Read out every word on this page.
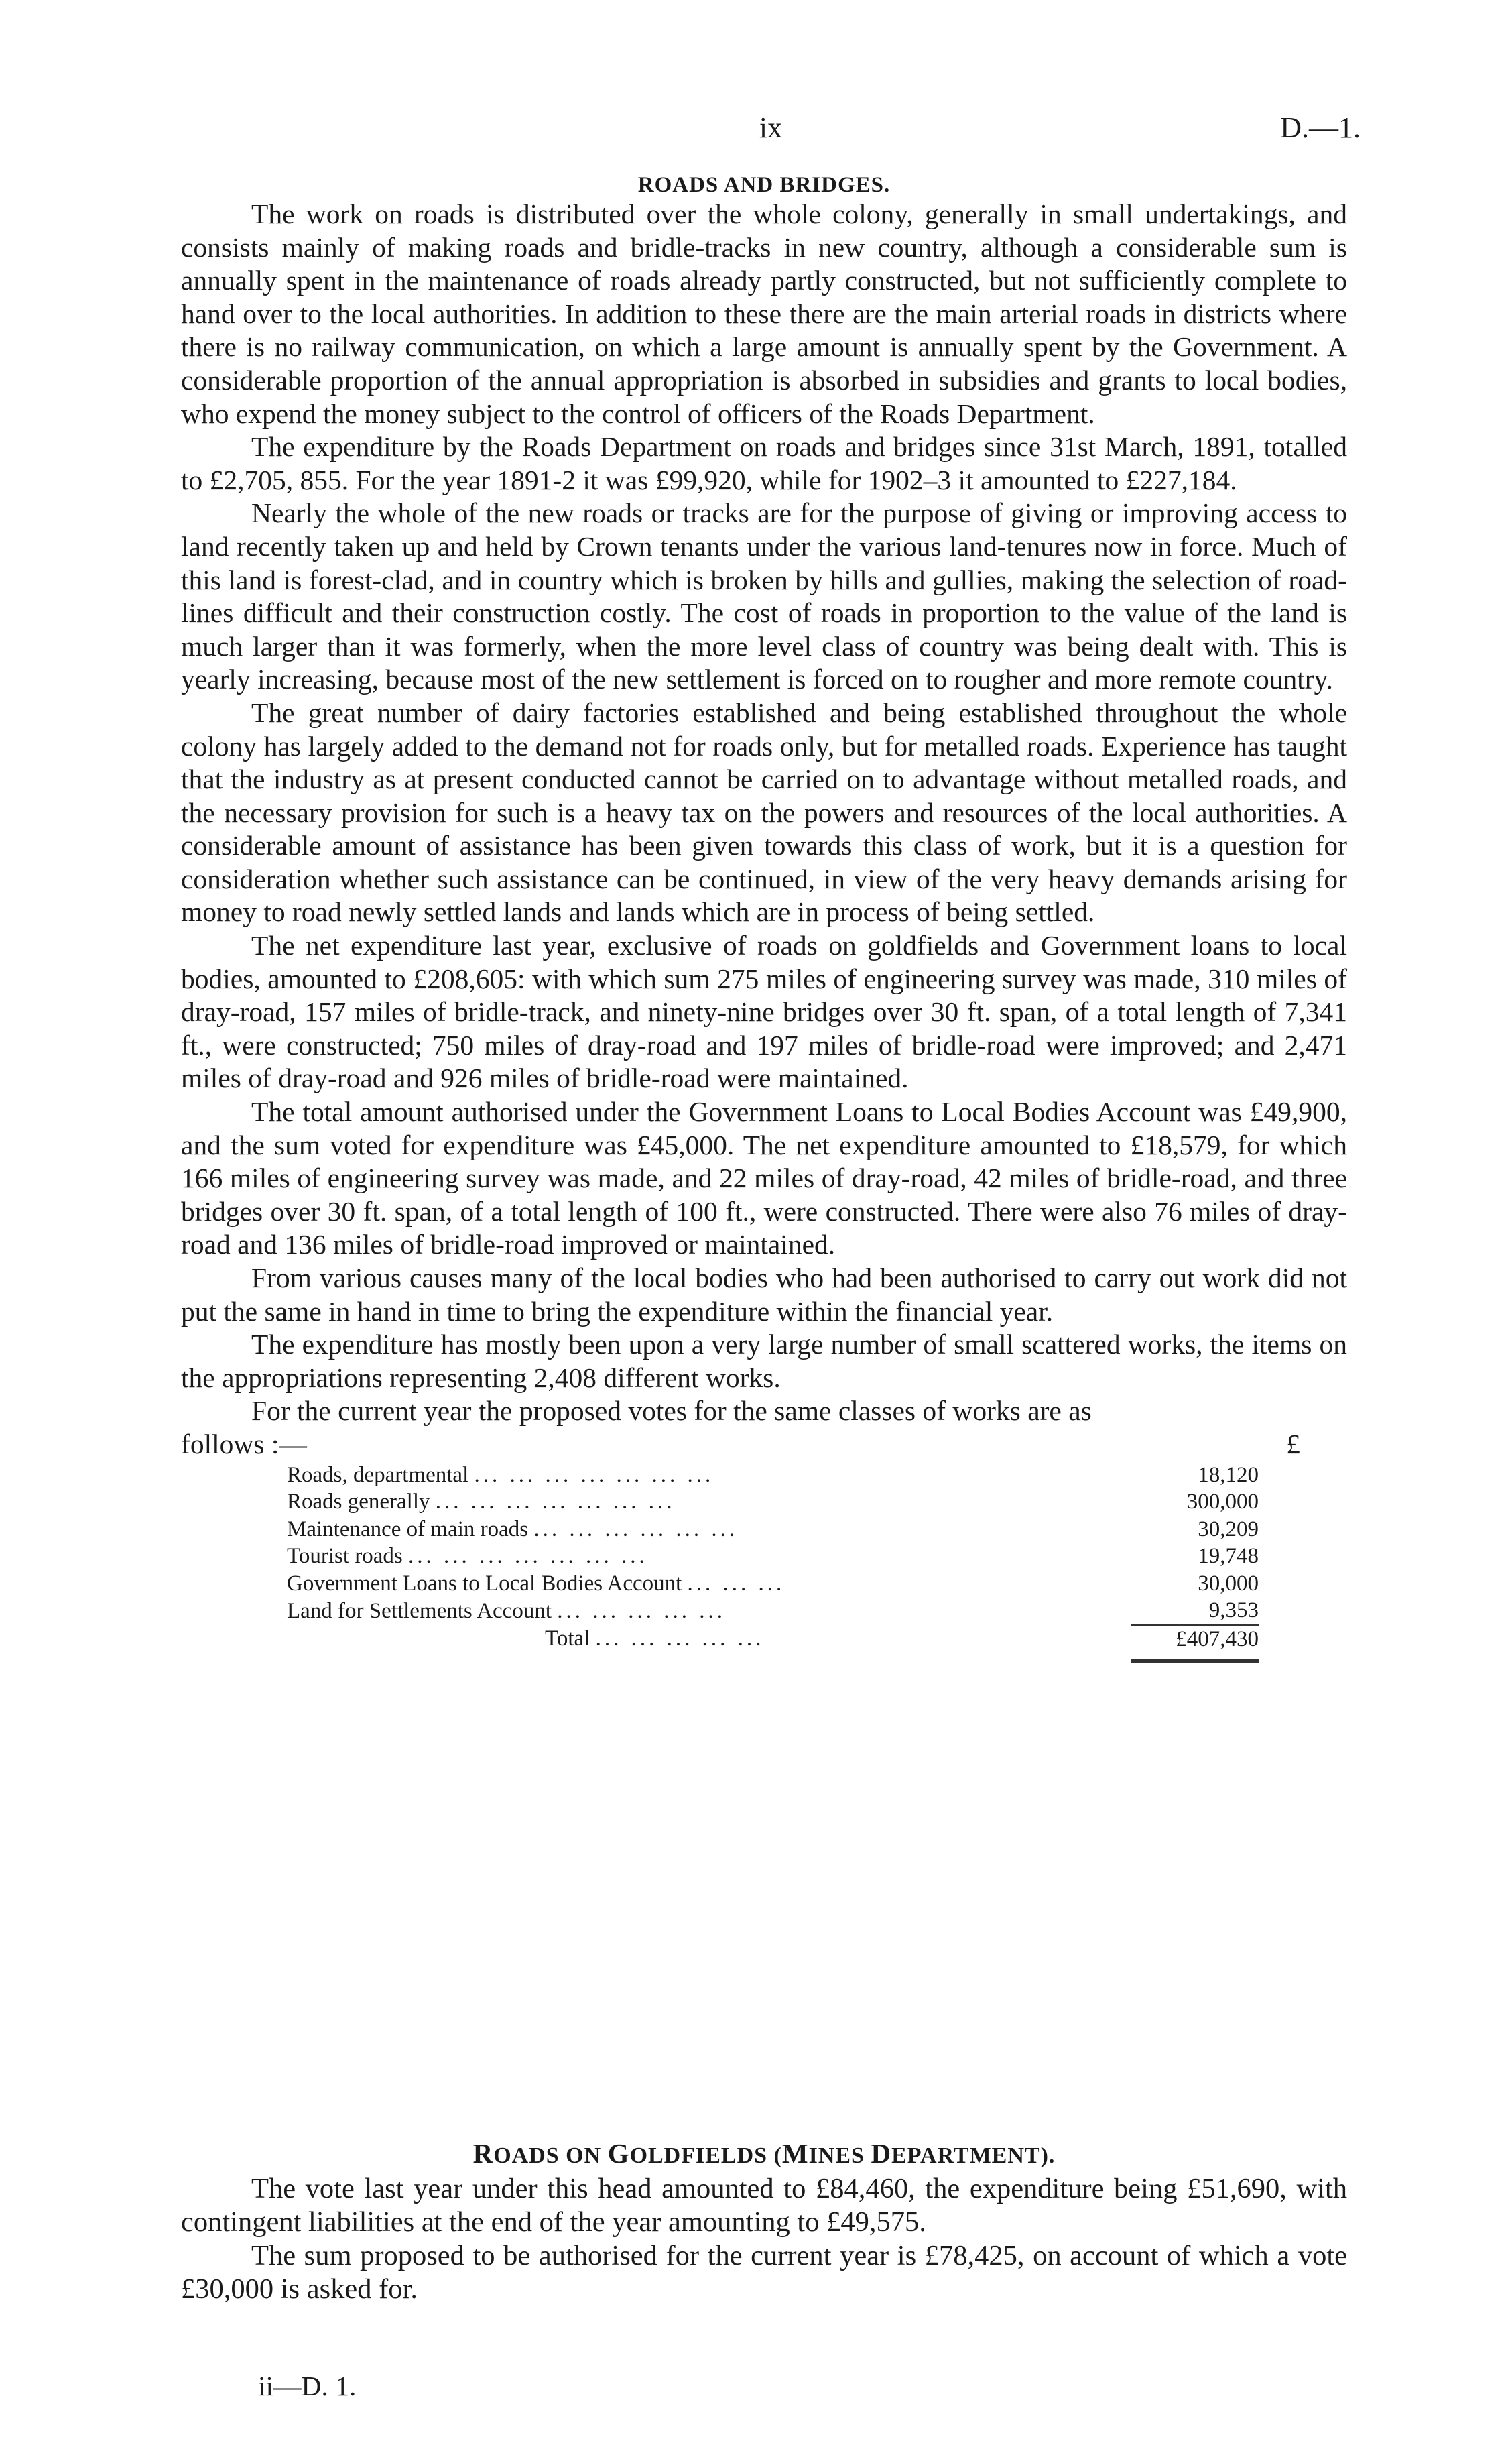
ix	D.—1.
ROADS AND BRIDGES.

The work on roads is distributed over the whole colony, generally in small undertakings, and consists mainly of making roads and bridle-tracks in new country, although a considerable sum is annually spent in the maintenance of roads already partly constructed, but not sufficiently complete to hand over to the local authorities. In addition to these there are the main arterial roads in districts where there is no railway communication, on which a large amount is annually spent by the Government. A considerable proportion of the annual appropriation is absorbed in subsidies and grants to local bodies, who expend the money subject to the control of officers of the Roads Department.

The expenditure by the Roads Department on roads and bridges since 31st March, 1891, totalled to £2,705, 855. For the year 1891-2 it was £99,920, while for 1902–3 it amounted to £227,184.

Nearly the whole of the new roads or tracks are for the purpose of giving or improving access to land recently taken up and held by Crown tenants under the various land-tenures now in force. Much of this land is forest-clad, and in country which is broken by hills and gullies, making the selection of road-lines difficult and their construction costly. The cost of roads in proportion to the value of the land is much larger than it was formerly, when the more level class of country was being dealt with. This is yearly increasing, because most of the new settlement is forced on to rougher and more remote country.

The great number of dairy factories established and being established throughout the whole colony has largely added to the demand not for roads only, but for metalled roads. Experience has taught that the industry as at present conducted cannot be carried on to advantage without metalled roads, and the necessary provision for such is a heavy tax on the powers and resources of the local authorities. A considerable amount of assistance has been given towards this class of work, but it is a question for consideration whether such assistance can be continued, in view of the very heavy demands arising for money to road newly settled lands and lands which are in process of being settled.

The net expenditure last year, exclusive of roads on goldfields and Government loans to local bodies, amounted to £208,605: with which sum 275 miles of engineering survey was made, 310 miles of dray-road, 157 miles of bridle-track, and ninety-nine bridges over 30 ft. span, of a total length of 7,341 ft., were constructed; 750 miles of dray-road and 197 miles of bridle-road were improved; and 2,471 miles of dray-road and 926 miles of bridle-road were maintained.

The total amount authorised under the Government Loans to Local Bodies Account was £49,900, and the sum voted for expenditure was £45,000. The net expenditure amounted to £18,579, for which 166 miles of engineering survey was made, and 22 miles of dray-road, 42 miles of bridle-road, and three bridges over 30 ft. span, of a total length of 100 ft., were constructed. There were also 76 miles of dray-road and 136 miles of bridle-road improved or maintained.

From various causes many of the local bodies who had been authorised to carry out work did not put the same in hand in time to bring the expenditure within the financial year.

The expenditure has mostly been upon a very large number of small scattered works, the items on the appropriations representing 2,408 different works.

For the current year the proposed votes for the same classes of works are as

follows :—	£
Roads, departmental ... ... ... ... ... ... ...	18,120
Roads generally ... ... ... ... ... ... ...	300,000
Maintenance of main roads ... ... ... ... ... ...	30,209
Tourist roads ... ... ... ... ... ... ...	19,748
Government Loans to Local Bodies Account ... ... ...	30,000
Land for Settlements Account ... ... ... ... ...	9,353
Total ... ... ... ... ...	£407,430

ROADS ON GOLDFIELDS (MINES DEPARTMENT).

The vote last year under this head amounted to £84,460, the expenditure being £51,690, with contingent liabilities at the end of the year amounting to £49,575.

The sum proposed to be authorised for the current year is £78,425, on account of which a vote £30,000 is asked for.

ii—D. 1.
